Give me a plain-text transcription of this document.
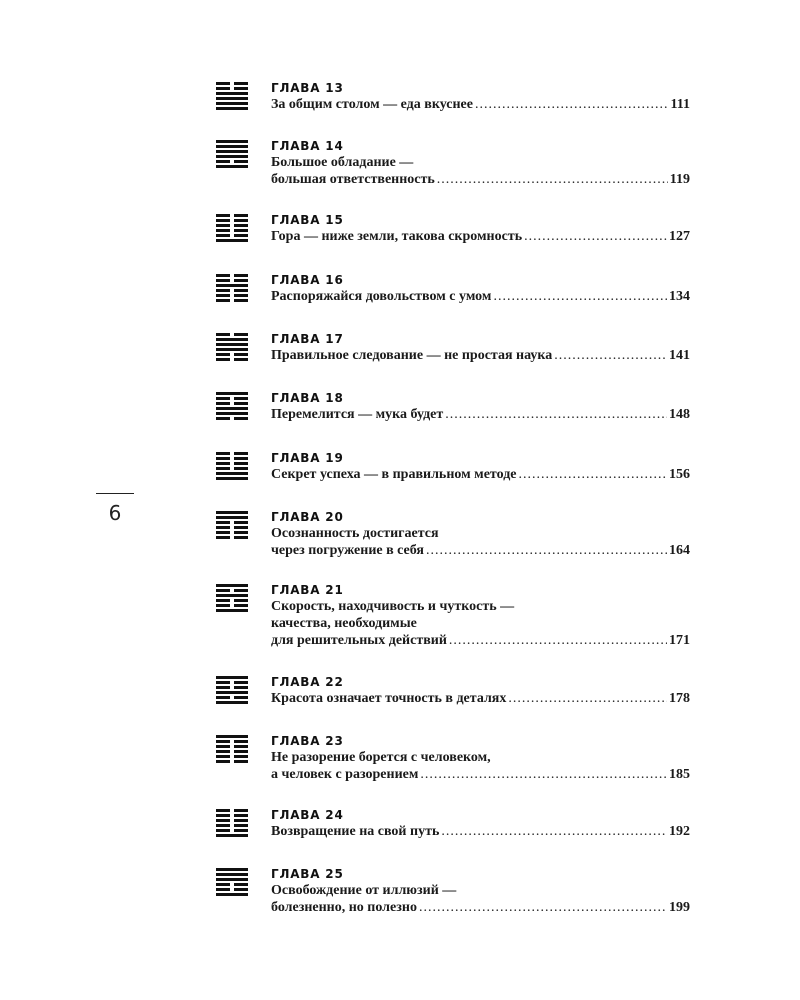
6
ГЛАВА 13
За общим столом — еда вкуснее .....	111
ГЛАВА 14
Большое обладание —
большая ответственность .....	119
ГЛАВА 15
Гора — ниже земли, такова скромность .....	127
ГЛАВА 16
Распоряжайся довольством с умом .....	134
ГЛАВА 17
Правильное следование — не простая наука .....	141
ГЛАВА 18
Перемелится — мука будет .....	148
ГЛАВА 19
Секрет успеха — в правильном методе .....	156
ГЛАВА 20
Осознанность достигается
через погружение в себя .....	164
ГЛАВА 21
Скорость, находчивость и чуткость —
качества, необходимые
для решительных действий .....	171
ГЛАВА 22
Красота означает точность в деталях .....	178
ГЛАВА 23
Не разорение борется с человеком,
а человек с разорением .....	185
ГЛАВА 24
Возвращение на свой путь .....	192
ГЛАВА 25
Освобождение от иллюзий —
болезненно, но полезно .....	199
